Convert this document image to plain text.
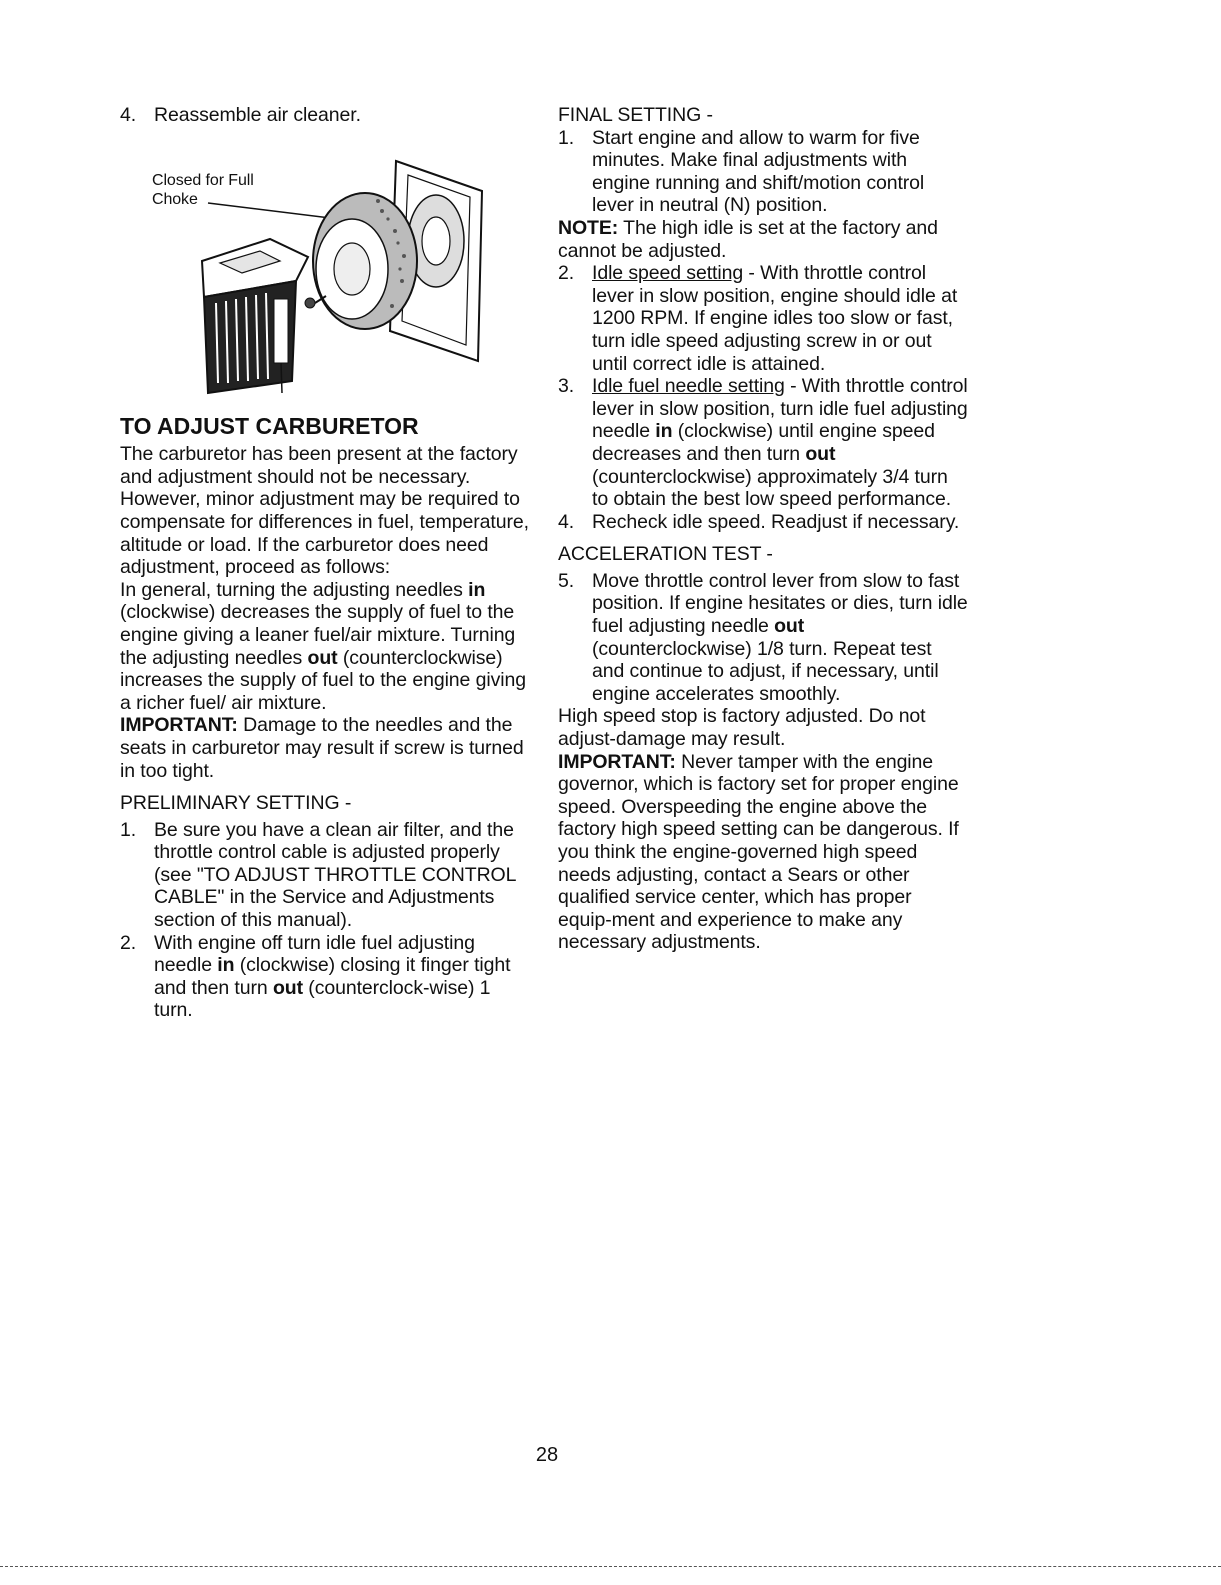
4. Reassemble air cleaner.

Closed for Full
Choke
TO ADJUST CARBURETOR

The carburetor has been present at the factory and adjustment should not be necessary. However, minor adjustment may be required to compensate for differences in fuel, temperature, altitude or load. If the carburetor does need adjustment, proceed as follows:

In general, turning the adjusting needles in (clockwise) decreases the supply of fuel to the engine giving a leaner fuel/air mixture. Turning the adjusting needles out (counterclockwise) increases the supply of fuel to the engine giving a richer fuel/ air mixture.

IMPORTANT: Damage to the needles and the seats in carburetor may result if screw is turned in too tight.

PRELIMINARY SETTING -

1. Be sure you have a clean air filter, and the throttle control cable is adjusted properly (see "TO ADJUST THROTTLE CONTROL CABLE" in the Service and Adjustments section of this manual).

2. With engine off turn idle fuel adjusting needle in (clockwise) closing it finger tight and then turn out (counterclock-wise) 1 turn.

FINAL SETTING -

1. Start engine and allow to warm for five minutes. Make final adjustments with engine running and shift/motion control lever in neutral (N) position.

NOTE: The high idle is set at the factory and cannot be adjusted.

2. Idle speed setting - With throttle control lever in slow position, engine should idle at 1200 RPM. If engine idles too slow or fast, turn idle speed adjusting screw in or out until correct idle is attained.

3. Idle fuel needle setting - With throttle control lever in slow position, turn idle fuel adjusting needle in (clockwise) until engine speed decreases and then turn out (counterclockwise) approximately 3/4 turn to obtain the best low speed performance.

4. Recheck idle speed. Readjust if necessary.

ACCELERATION TEST -

5. Move throttle control lever from slow to fast position. If engine hesitates or dies, turn idle fuel adjusting needle out (counterclockwise) 1/8 turn. Repeat test and continue to adjust, if necessary, until engine accelerates smoothly.

High speed stop is factory adjusted. Do not adjust-damage may result.

IMPORTANT: Never tamper with the engine governor, which is factory set for proper engine speed. Overspeeding the engine above the factory high speed setting can be dangerous. If you think the engine-governed high speed needs adjusting, contact a Sears or other qualified service center, which has proper equip-ment and experience to make any necessary adjustments.

28
